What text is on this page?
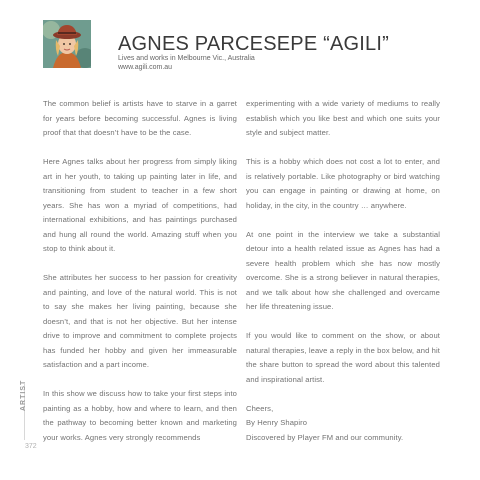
AGNES PARCESEPE “AGILI”
Lives and works in Melbourne Vic., Australia
www.agili.com.au

The common belief is artists have to starve in a garret for years before becoming successful. Agnes is living proof that that doesn’t have to be the case.

Here Agnes talks about her progress from simply liking art in her youth, to taking up painting later in life, and transitioning from student to teacher in a few short years. She has won a myriad of competitions, had international exhibitions, and has paintings purchased and hung all round the world. Amazing stuff when you stop to think about it.

She attributes her success to her passion for creativity and painting, and love of the natural world. This is not to say she makes her living painting, because she doesn’t, and that is not her objective. But her intense drive to improve and commitment to complete projects has funded her hobby and given her immeasurable satisfaction and a part income.

In this show we discuss how to take your first steps into painting as a hobby, how and where to learn, and then the pathway to becoming better known and marketing your works. Agnes very strongly recommends

experimenting with a wide variety of mediums to really establish which you like best and which one suits your style and subject matter.

This is a hobby which does not cost a lot to enter, and is relatively portable. Like photography or bird watching you can engage in painting or drawing at home, on holiday, in the city, in the country … anywhere.

At one point in the interview we take a substantial detour into a health related issue as Agnes has had a severe health problem which she has now mostly overcome. She is a strong believer in natural therapies, and we talk about how she challenged and overcame her life threatening issue.

If you would like to comment on the show, or about natural therapies, leave a reply in the box below, and hit the share button to spread the word about this talented and inspirational artist.

Cheers,
By Henry Shapiro
Discovered by Player FM and our community.

ARTIST
372
